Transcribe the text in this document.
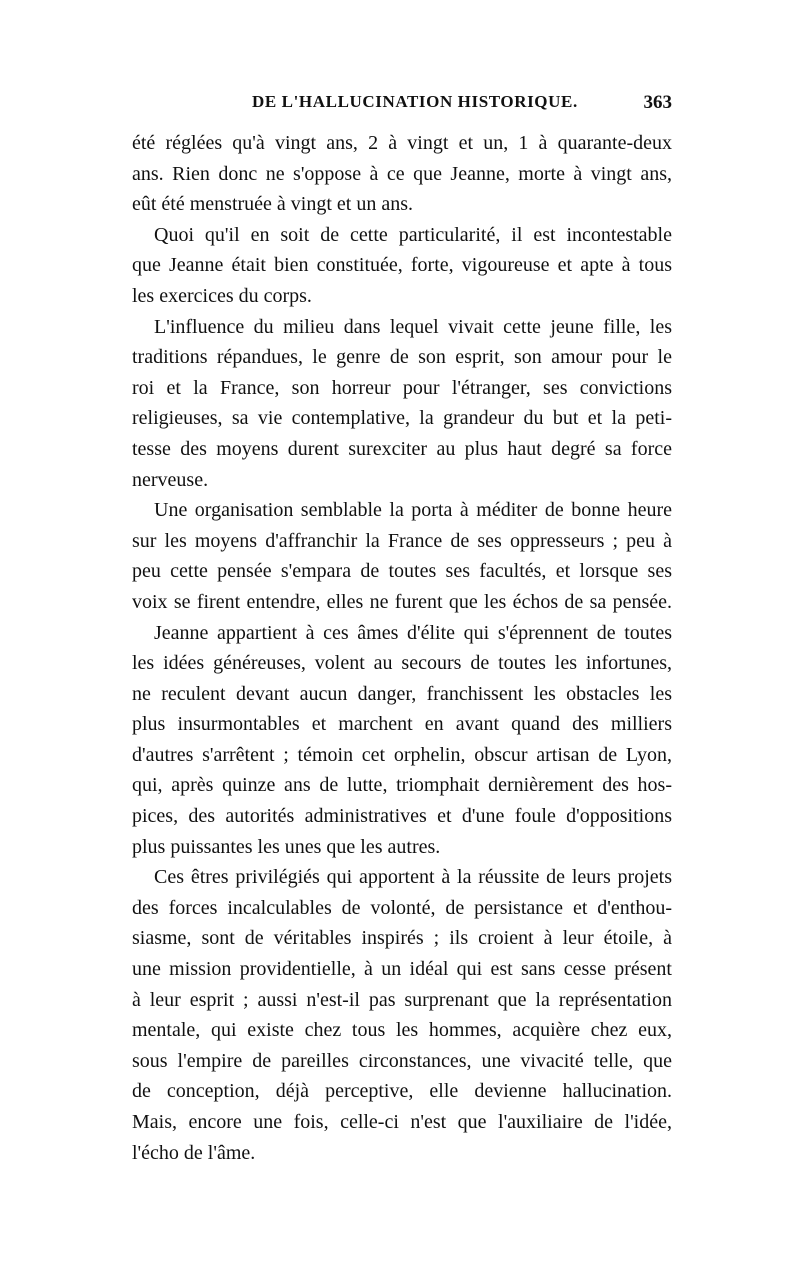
DE L'HALLUCINATION HISTORIQUE.	363
été réglées qu'à vingt ans, 2 à vingt et un, 1 à quarante-deux
ans. Rien donc ne s'oppose à ce que Jeanne, morte à vingt ans,
eût été menstruée à vingt et un ans.
Quoi qu'il en soit de cette particularité, il est incontestable
que Jeanne était bien constituée, forte, vigoureuse et apte à tous
les exercices du corps.
L'influence du milieu dans lequel vivait cette jeune fille, les
traditions répandues, le genre de son esprit, son amour pour le
roi et la France, son horreur pour l'étranger, ses convictions
religieuses, sa vie contemplative, la grandeur du but et la peti-
tesse des moyens durent surexciter au plus haut degré sa force
nerveuse.
Une organisation semblable la porta à méditer de bonne heure
sur les moyens d'affranchir la France de ses oppresseurs ; peu à
peu cette pensée s'empara de toutes ses facultés, et lorsque ses
voix se firent entendre, elles ne furent que les échos de sa pensée.
Jeanne appartient à ces âmes d'élite qui s'éprennent de toutes
les idées généreuses, volent au secours de toutes les infortunes,
ne reculent devant aucun danger, franchissent les obstacles les
plus insurmontables et marchent en avant quand des milliers
d'autres s'arrêtent ; témoin cet orphelin, obscur artisan de Lyon,
qui, après quinze ans de lutte, triomphait dernièrement des hos-
pices, des autorités administratives et d'une foule d'oppositions
plus puissantes les unes que les autres.
Ces êtres privilégiés qui apportent à la réussite de leurs projets
des forces incalculables de volonté, de persistance et d'enthou-
siasme, sont de véritables inspirés ; ils croient à leur étoile, à
une mission providentielle, à un idéal qui est sans cesse présent
à leur esprit ; aussi n'est-il pas surprenant que la représentation
mentale, qui existe chez tous les hommes, acquière chez eux,
sous l'empire de pareilles circonstances, une vivacité telle, que
de conception, déjà perceptive, elle devienne hallucination.
Mais, encore une fois, celle-ci n'est que l'auxiliaire de l'idée,
l'écho de l'âme.
